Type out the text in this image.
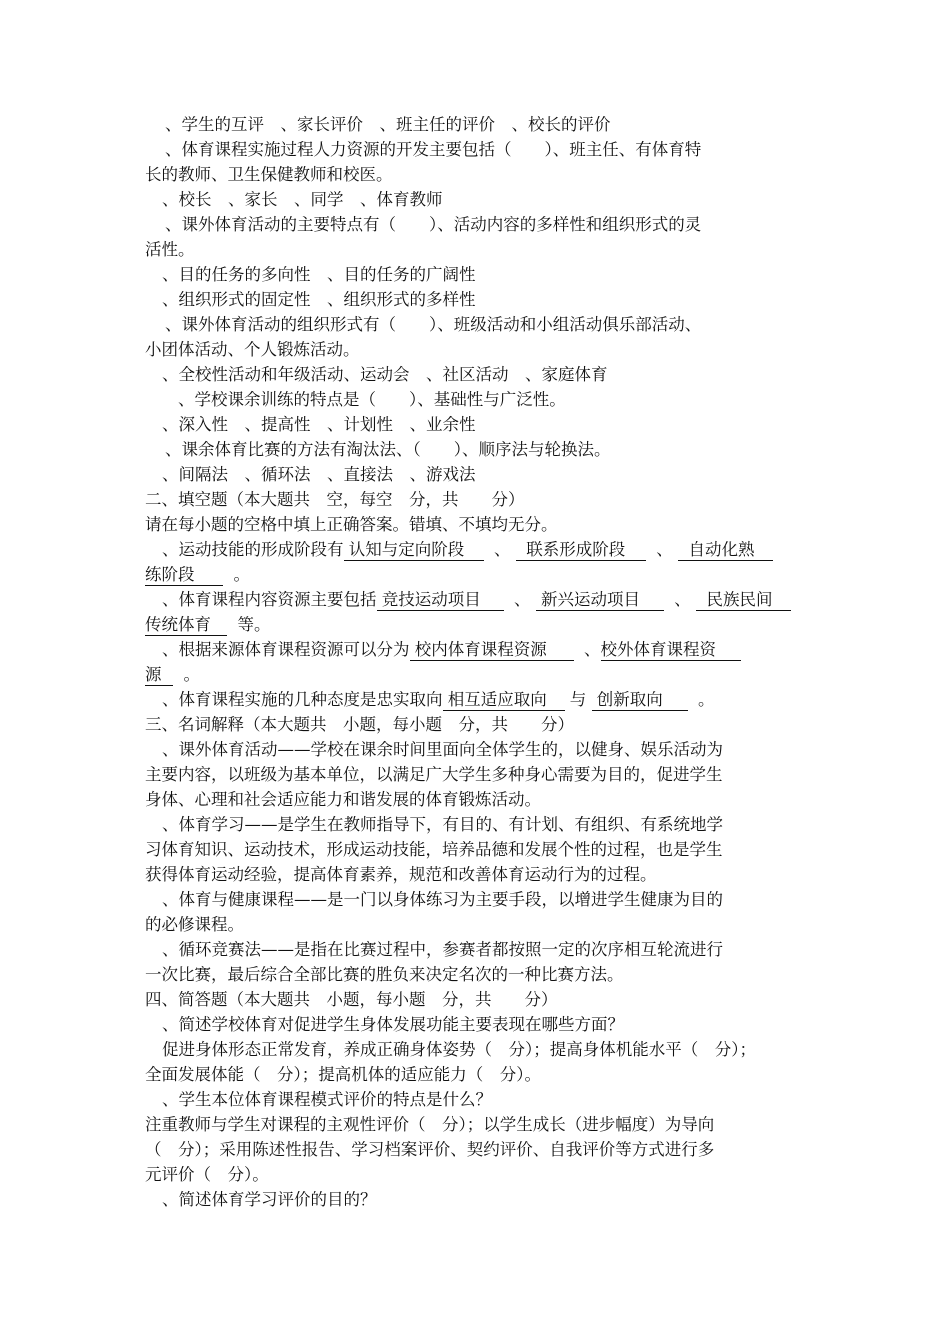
、学生的互评　、家长评价　、班主任的评价　、校长的评价
、体育课程实施过程人力资源的开发主要包括（　　）、班主任、有体育特
长的教师、卫生保健教师和校医。
、校长　、家长　、同学　、体育教师
、课外体育活动的主要特点有（　　）、活动内容的多样性和组织形式的灵
活性。
、目的任务的多向性　、目的任务的广阔性
、组织形式的固定性　、组织形式的多样性
、课外体育活动的组织形式有（　　）、班级活动和小组活动俱乐部活动、
小团体活动、个人锻炼活动。
、全校性活动和年级活动、运动会　、社区活动　、家庭体育
、学校课余训练的特点是（　　）、基础性与广泛性。
、深入性　、提高性　、计划性　、业余性
、课余体育比赛的方法有淘汰法、（　　）、顺序法与轮换法。
、间隔法　、循环法　、直接法　、游戏法
二、填空题（本大题共　空，每空　分，共　　分）
请在每小题的空格中填上正确答案。错填、不填均无分。
、运动技能的形成阶段有 认知与定向阶段 、 联系形成阶段 、 自动化熟
练阶段 。
、体育课程内容资源主要包括 竞技运动项目 、 新兴运动项目 、 民族民间
传统体育 等。
、根据来源体育课程资源可以分为 校内体育课程资源 、校外体育课程资
源 。
、体育课程实施的几种态度是忠实取向 相互适应取向 与 创新取向 。
三、名词解释（本大题共　小题，每小题　分，共　　分）
、课外体育活动——学校在课余时间里面向全体学生的，以健身、娱乐活动为
主要内容，以班级为基本单位，以满足广大学生多种身心需要为目的，促进学生
身体、心理和社会适应能力和谐发展的体育锻炼活动。
、体育学习——是学生在教师指导下，有目的、有计划、有组织、有系统地学
习体育知识、运动技术，形成运动技能，培养品德和发展个性的过程，也是学生
获得体育运动经验，提高体育素养，规范和改善体育运动行为的过程。
、体育与健康课程——是一门以身体练习为主要手段，以增进学生健康为目的
的必修课程。
、循环竞赛法——是指在比赛过程中，参赛者都按照一定的次序相互轮流进行
一次比赛，最后综合全部比赛的胜负来决定名次的一种比赛方法。
四、简答题（本大题共　小题，每小题　分，共　　分）
、简述学校体育对促进学生身体发展功能主要表现在哪些方面？
促进身体形态正常发育，养成正确身体姿势（　分）；提高身体机能水平（　分）；
全面发展体能（　分）；提高机体的适应能力（　分）。
、学生本位体育课程模式评价的特点是什么？
注重教师与学生对课程的主观性评价（　分）；以学生成长（进步幅度）为导向
（　分）；采用陈述性报告、学习档案评价、契约评价、自我评价等方式进行多
元评价（　分）。
、简述体育学习评价的目的？
